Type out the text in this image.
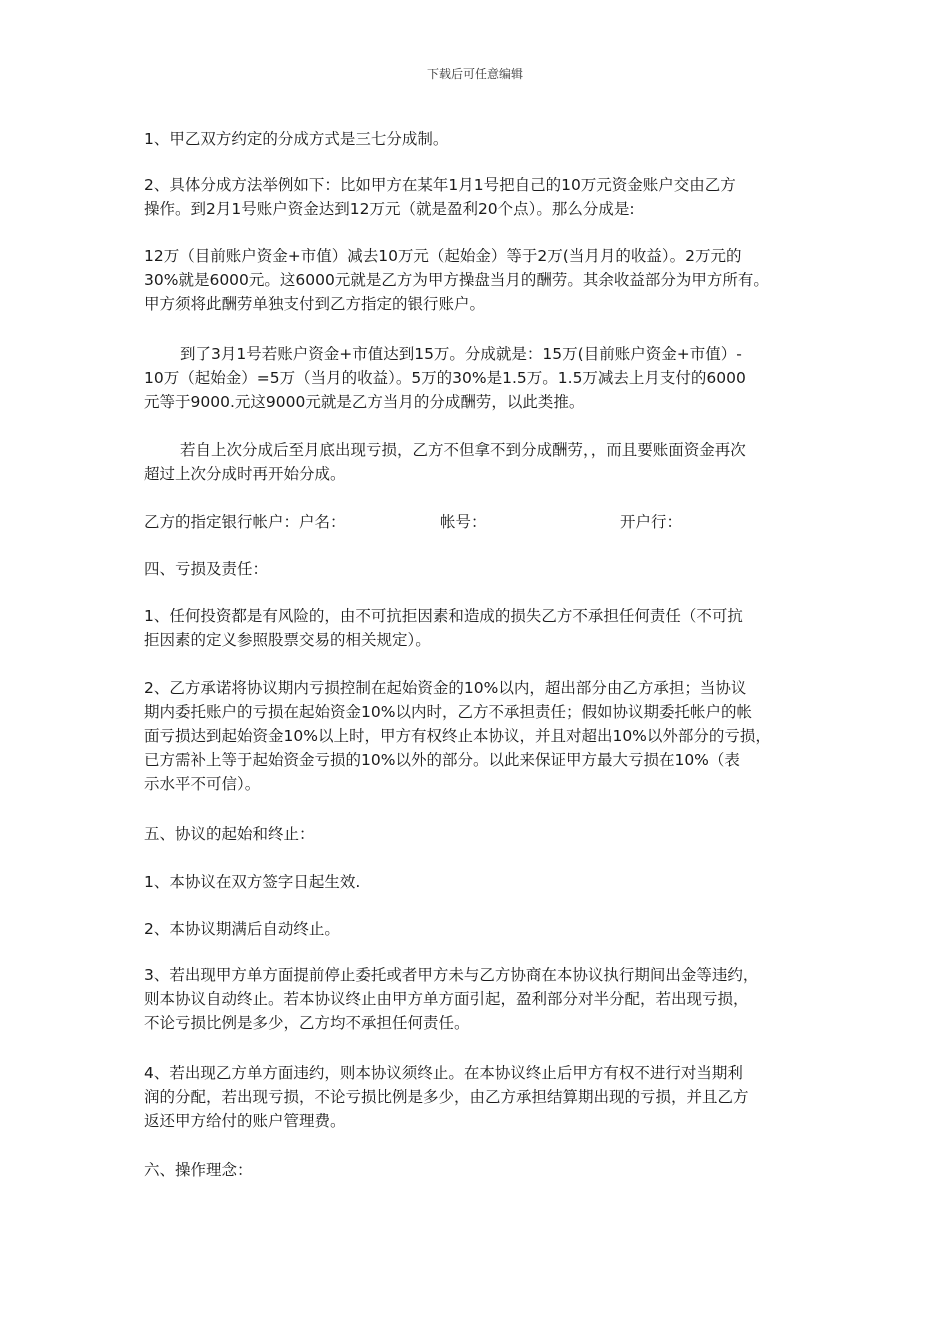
下载后可任意编辑
1、甲乙双方约定的分成方式是三七分成制。
2、具体分成方法举例如下：比如甲方在某年1月1号把自己的10万元资金账户交由乙方
操作。到2月1号账户资金达到12万元（就是盈利20个点）。那么分成是:
12万（目前账户资金+市值）减去10万元（起始金）等于2万(当月月的收益）。2万元的
30%就是6000元。这6000元就是乙方为甲方操盘当月的酬劳。其余收益部分为甲方所有。
甲方须将此酬劳单独支付到乙方指定的银行账户。
到了3月1号若账户资金+市值达到15万。分成就是：15万(目前账户资金+市值）-
10万（起始金）=5万（当月的收益）。5万的30%是1.5万。1.5万减去上月支付的6000
元等于9000.元这9000元就是乙方当月的分成酬劳，以此类推。
若自上次分成后至月底出现亏损，乙方不但拿不到分成酬劳，，而且要账面资金再次
超过上次分成时再开始分成。
乙方的指定银行帐户：户名：	帐号：	开户行：
四、亏损及责任：
1、任何投资都是有风险的，由不可抗拒因素和造成的损失乙方不承担任何责任（不可抗
拒因素的定义参照股票交易的相关规定）。
2、乙方承诺将协议期内亏损控制在起始资金的10%以内，超出部分由乙方承担；当协议
期内委托账户的亏损在起始资金10%以内时，乙方不承担责任；假如协议期委托帐户的帐
面亏损达到起始资金10%以上时，甲方有权终止本协议，并且对超出10%以外部分的亏损，
已方需补上等于起始资金亏损的10%以外的部分。以此来保证甲方最大亏损在10%（表
示水平不可信）。
五、协议的起始和终止：
1、本协议在双方签字日起生效.
2、本协议期满后自动终止。
3、若出现甲方单方面提前停止委托或者甲方未与乙方协商在本协议执行期间出金等违约，
则本协议自动终止。若本协议终止由甲方单方面引起，盈利部分对半分配，若出现亏损，
不论亏损比例是多少，乙方均不承担任何责任。
4、若出现乙方单方面违约，则本协议须终止。在本协议终止后甲方有权不进行对当期利
润的分配，若出现亏损，不论亏损比例是多少，由乙方承担结算期出现的亏损，并且乙方
返还甲方给付的账户管理费。
六、操作理念：
